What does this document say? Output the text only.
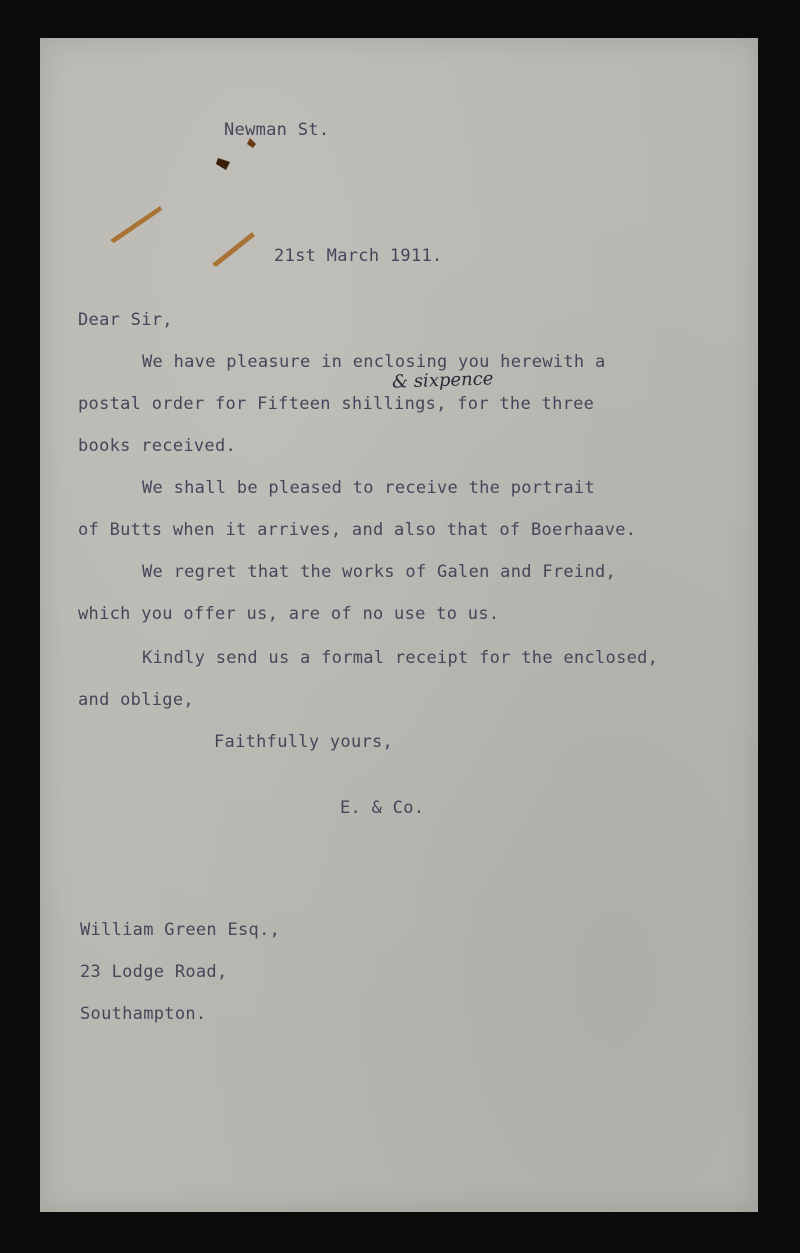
Newman St.

21st March 1911.

Dear Sir,

We have pleasure in enclosing you herewith a

& sixpence

postal order for Fifteen shillings, for the three

books received.

We shall be pleased to receive the portrait

of Butts when it arrives, and also that of Boerhaave.

We regret that the works of Galen and Freind,

which you offer us, are of no use to us.

Kindly send us a formal receipt for the enclosed,

and oblige,

Faithfully yours,

E. & Co.

William Green Esq.,

23 Lodge Road,

Southampton.
